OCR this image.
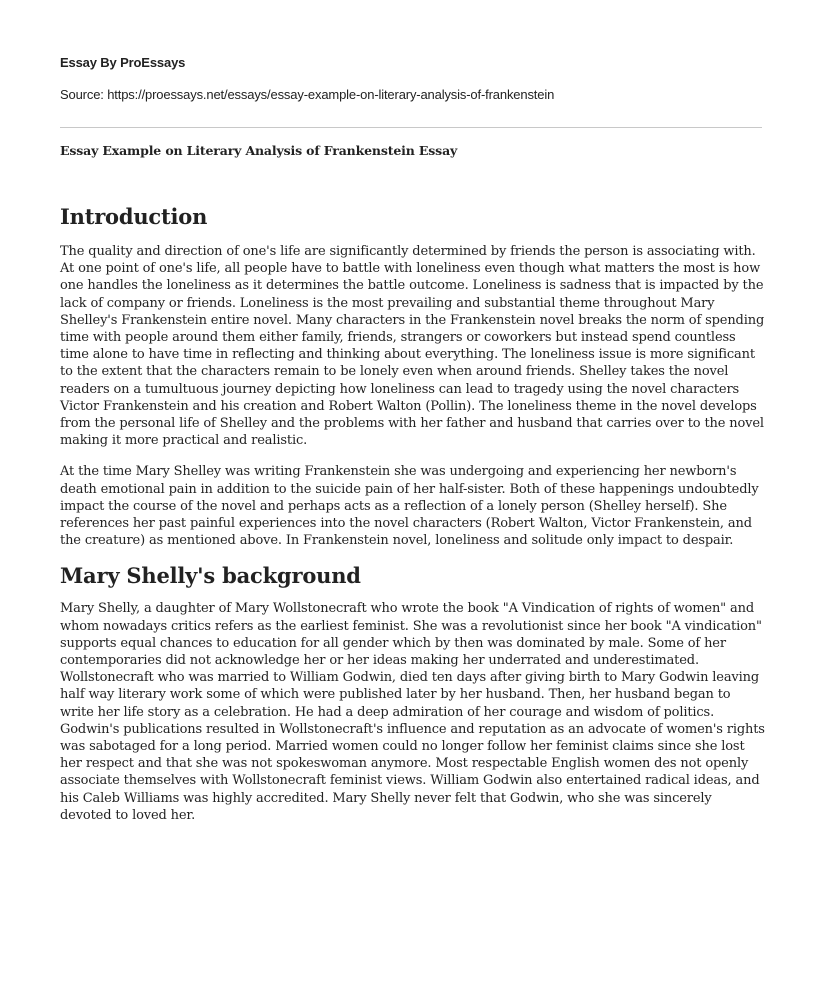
Essay By ProEssays

Source: https://proessays.net/essays/essay-example-on-literary-analysis-of-frankenstein

Essay Example on Literary Analysis of Frankenstein Essay

Introduction

The quality and direction of one's life are significantly determined by friends the person is associating with. At one point of one's life, all people have to battle with loneliness even though what matters the most is how one handles the loneliness as it determines the battle outcome. Loneliness is sadness that is impacted by the lack of company or friends. Loneliness is the most prevailing and substantial theme throughout Mary Shelley's Frankenstein entire novel. Many characters in the Frankenstein novel breaks the norm of spending time with people around them either family, friends, strangers or coworkers but instead spend countless time alone to have time in reflecting and thinking about everything. The loneliness issue is more significant to the extent that the characters remain to be lonely even when around friends. Shelley takes the novel readers on a tumultuous journey depicting how loneliness can lead to tragedy using the novel characters Victor Frankenstein and his creation and Robert Walton (Pollin). The loneliness theme in the novel develops from the personal life of Shelley and the problems with her father and husband that carries over to the novel making it more practical and realistic.

At the time Mary Shelley was writing Frankenstein she was undergoing and experiencing her newborn's death emotional pain in addition to the suicide pain of her half-sister. Both of these happenings undoubtedly impact the course of the novel and perhaps acts as a reflection of a lonely person (Shelley herself). She references her past painful experiences into the novel characters (Robert Walton, Victor Frankenstein, and the creature) as mentioned above. In Frankenstein novel, loneliness and solitude only impact to despair.

Mary Shelly's background

Mary Shelly, a daughter of Mary Wollstonecraft who wrote the book "A Vindication of rights of women" and whom nowadays critics refers as the earliest feminist. She was a revolutionist since her book "A vindication" supports equal chances to education for all gender which by then was dominated by male. Some of her contemporaries did not acknowledge her or her ideas making her underrated and underestimated. Wollstonecraft who was married to William Godwin, died ten days after giving birth to Mary Godwin leaving half way literary work some of which were published later by her husband. Then, her husband began to write her life story as a celebration. He had a deep admiration of her courage and wisdom of politics. Godwin's publications resulted in Wollstonecraft's influence and reputation as an advocate of women's rights was sabotaged for a long period. Married women could no longer follow her feminist claims since she lost her respect and that she was not spokeswoman anymore. Most respectable English women des not openly associate themselves with Wollstonecraft feminist views. William Godwin also entertained radical ideas, and his Caleb Williams was highly accredited. Mary Shelly never felt that Godwin, who she was sincerely devoted to loved her.
